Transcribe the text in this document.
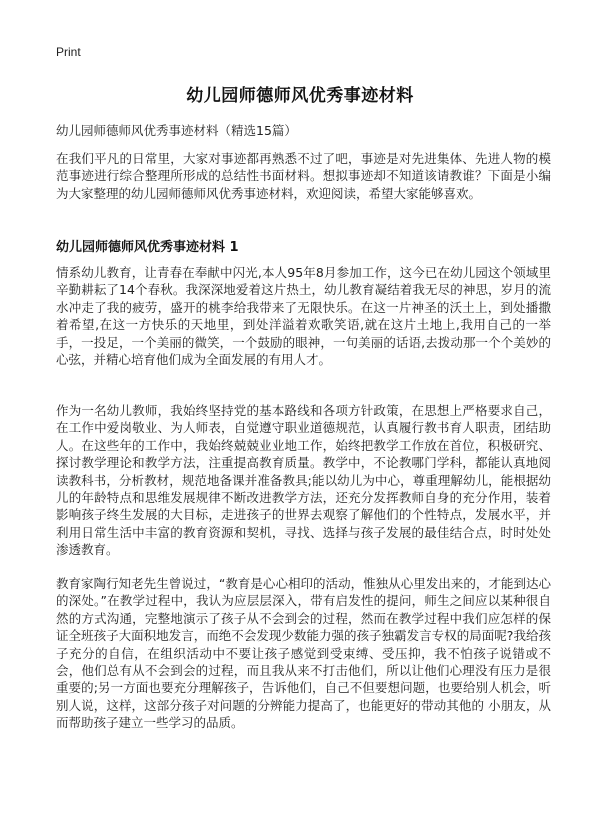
Print
幼儿园师德师风优秀事迹材料
幼儿园师德师风优秀事迹材料（精选15篇）
在我们平凡的日常里，大家对事迹都再熟悉不过了吧，事迹是对先进集体、先进人物的模范事迹进行综合整理所形成的总结性书面材料。想拟事迹却不知道该请教谁？下面是小编为大家整理的幼儿园师德师风优秀事迹材料，欢迎阅读，希望大家能够喜欢。
幼儿园师德师风优秀事迹材料 1
情系幼儿教育，让青春在奉献中闪光,本人95年8月参加工作，这今已在幼儿园这个领域里辛勤耕耘了14个春秋。我深深地爱着这片热土，幼儿教育凝结着我无尽的神思，岁月的流水冲走了我的疲劳，盛开的桃李给我带来了无限快乐。在这一片神圣的沃土上，到处播撒着希望,在这一方快乐的天地里，到处洋溢着欢歌笑语,就在这片土地上,我用自己的一举手，一投足，一个美丽的微笑，一个鼓励的眼神，一句美丽的话语,去拨动那一个个美妙的心弦，并精心培育他们成为全面发展的有用人才。
作为一名幼儿教师，我始终坚持党的基本路线和各项方针政策，在思想上严格要求自己，在工作中爱岗敬业、为人师表，自觉遵守职业道德规范，认真履行教书育人职责，团结助人。在这些年的工作中，我始终兢兢业业地工作，始终把教学工作放在首位，积极研究、探讨教学理论和教学方法，注重提高教育质量。教学中，不论教哪门学科，都能认真地阅读教科书，分析教材，规范地备课并准备教具;能以幼儿为中心，尊重理解幼儿，能根据幼儿的年龄特点和思维发展规律不断改进教学方法，还充分发挥教师自身的充分作用，装着影响孩子终生发展的大目标，走进孩子的世界去观察了解他们的个性特点，发展水平，并利用日常生活中丰富的教育资源和契机，寻找、选择与孩子发展的最佳结合点，时时处处渗透教育。
教育家陶行知老先生曾说过，“教育是心心相印的活动，惟独从心里发出来的，才能到达心的深处。”在教学过程中，我认为应层层深入，带有启发性的提问，师生之间应以某种很自然的方式沟通，完整地演示了孩子从不会到会的过程，然而在教学过程中我们应怎样的保证全班孩子大面积地发言，而绝不会发现少数能力强的孩子独霸发言专权的局面呢?我给孩子充分的自信，在组织活动中不要让孩子感觉到受束缚、受压抑，我不怕孩子说错或不会，他们总有从不会到会的过程，而且我从来不打击他们，所以让他们心理没有压力是很重要的;另一方面也要充分理解孩子，告诉他们，自己不但要想问题，也要给别人机会，听别人说，这样，这部分孩子对问题的分辨能力提高了，也能更好的带动其他的 小朋友，从而帮助孩子建立一些学习的品质。
